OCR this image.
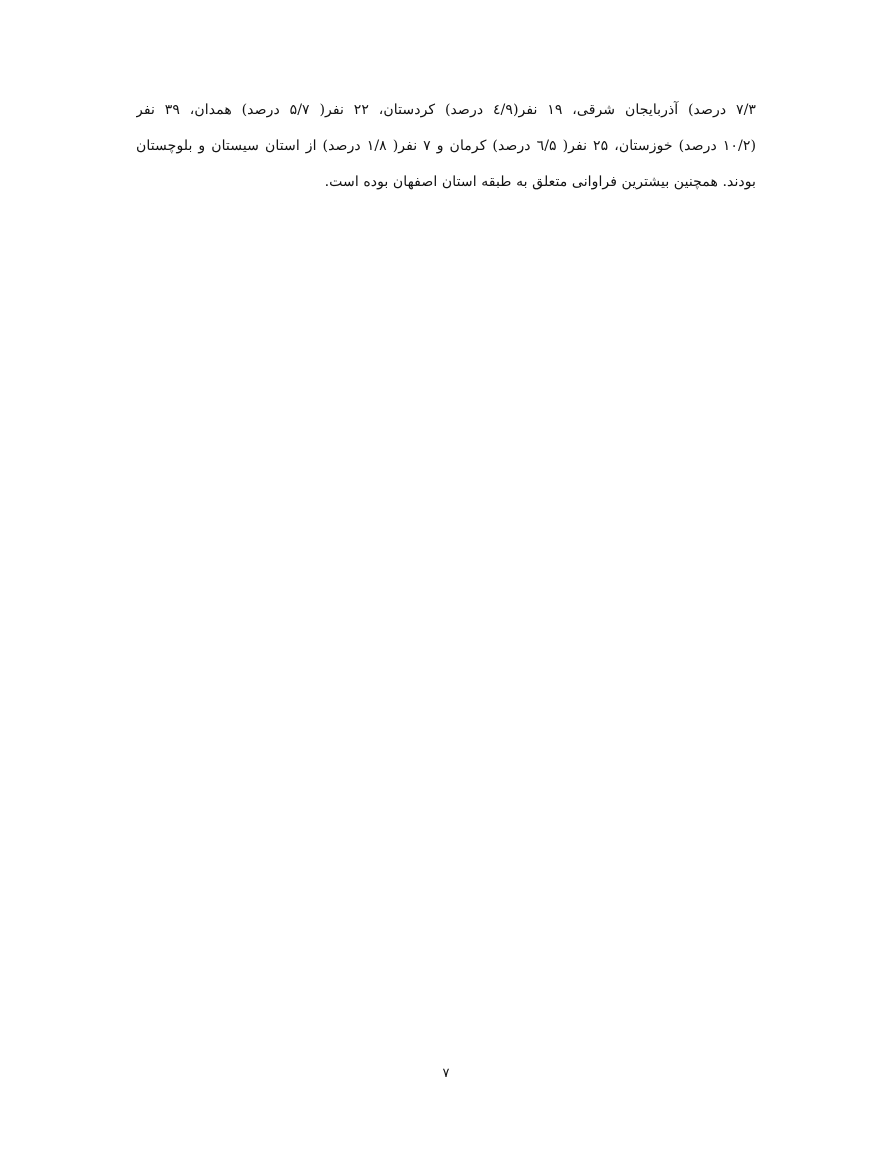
۷/۳ درصد) آذربایجان شرقی، ۱۹ نفر(٤/۹ درصد) کردستان، ۲۲ نفر( ۵/۷ درصد) همدان، ۳۹ نفر
(۱۰/۲ درصد) خوزستان، ۲۵ نفر( ٦/۵ درصد) کرمان و ۷ نفر( ۱/۸ درصد) از استان سیستان و بلوچستان
بودند. همچنین بیشترین فراوانی متعلق به طبقه استان اصفهان بوده است.
۷
